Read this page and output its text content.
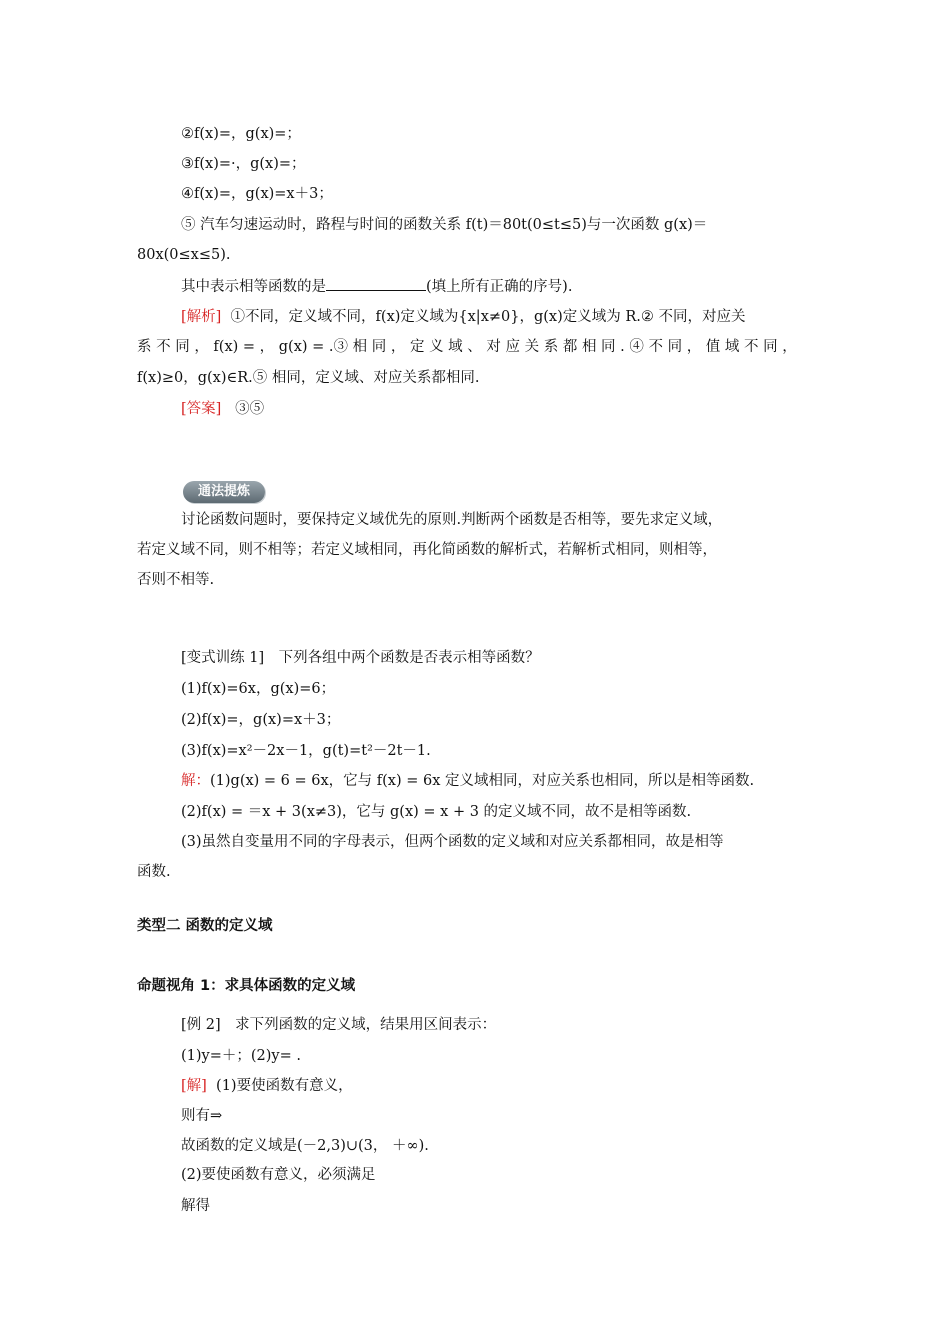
②f(x)=，g(x)=；
③f(x)=·，g(x)=；
④f(x)=，g(x)=x＋3；
⑤ 汽车匀速运动时，路程与时间的函数关系 f(t)＝80t(0≤t≤5)与一次函数 g(x)＝
80x(0≤x≤5).
其中表示相等函数的是	(填上所有正确的序号).
[解析] ①不同，定义域不同，f(x)定义域为{x|x≠0}，g(x)定义域为 R.② 不同，对应关
系 不 同 ， f(x) = ， g(x) = .③ 相 同 ， 定 义 域 、 对 应 关 系 都 相 同 . ④ 不 同 ， 值 域 不 同 ，
f(x)≥0，g(x)∈R.⑤ 相同，定义域、对应关系都相同.
[答案] ③⑤
通法提炼
讨论函数问题时，要保持定义域优先的原则.判断两个函数是否相等，要先求定义域，
若定义域不同，则不相等；若定义域相同，再化简函数的解析式，若解析式相同，则相等，
否则不相等.
[变式训练 1]　下列各组中两个函数是否表示相等函数？
(1)f(x)=6x，g(x)=6；
(2)f(x)=，g(x)=x＋3；
(3)f(x)=x²－2x－1，g(t)=t²－2t－1.
解：(1)g(x) = 6 = 6x，它与 f(x) = 6x 定义域相同，对应关系也相同，所以是相等函数.
(2)f(x) = ＝x + 3(x≠3)，它与 g(x) = x + 3 的定义域不同，故不是相等函数.
(3)虽然自变量用不同的字母表示，但两个函数的定义域和对应关系都相同，故是相等
函数.
类型二 函数的定义域
命题视角 1：求具体函数的定义域
[例 2]　求下列函数的定义域，结果用区间表示：
(1)y=＋；(2)y= .
[解] (1)要使函数有意义，
则有⇒
故函数的定义域是(－2,3)∪(3， ＋∞).
(2)要使函数有意义，必须满足
解得
